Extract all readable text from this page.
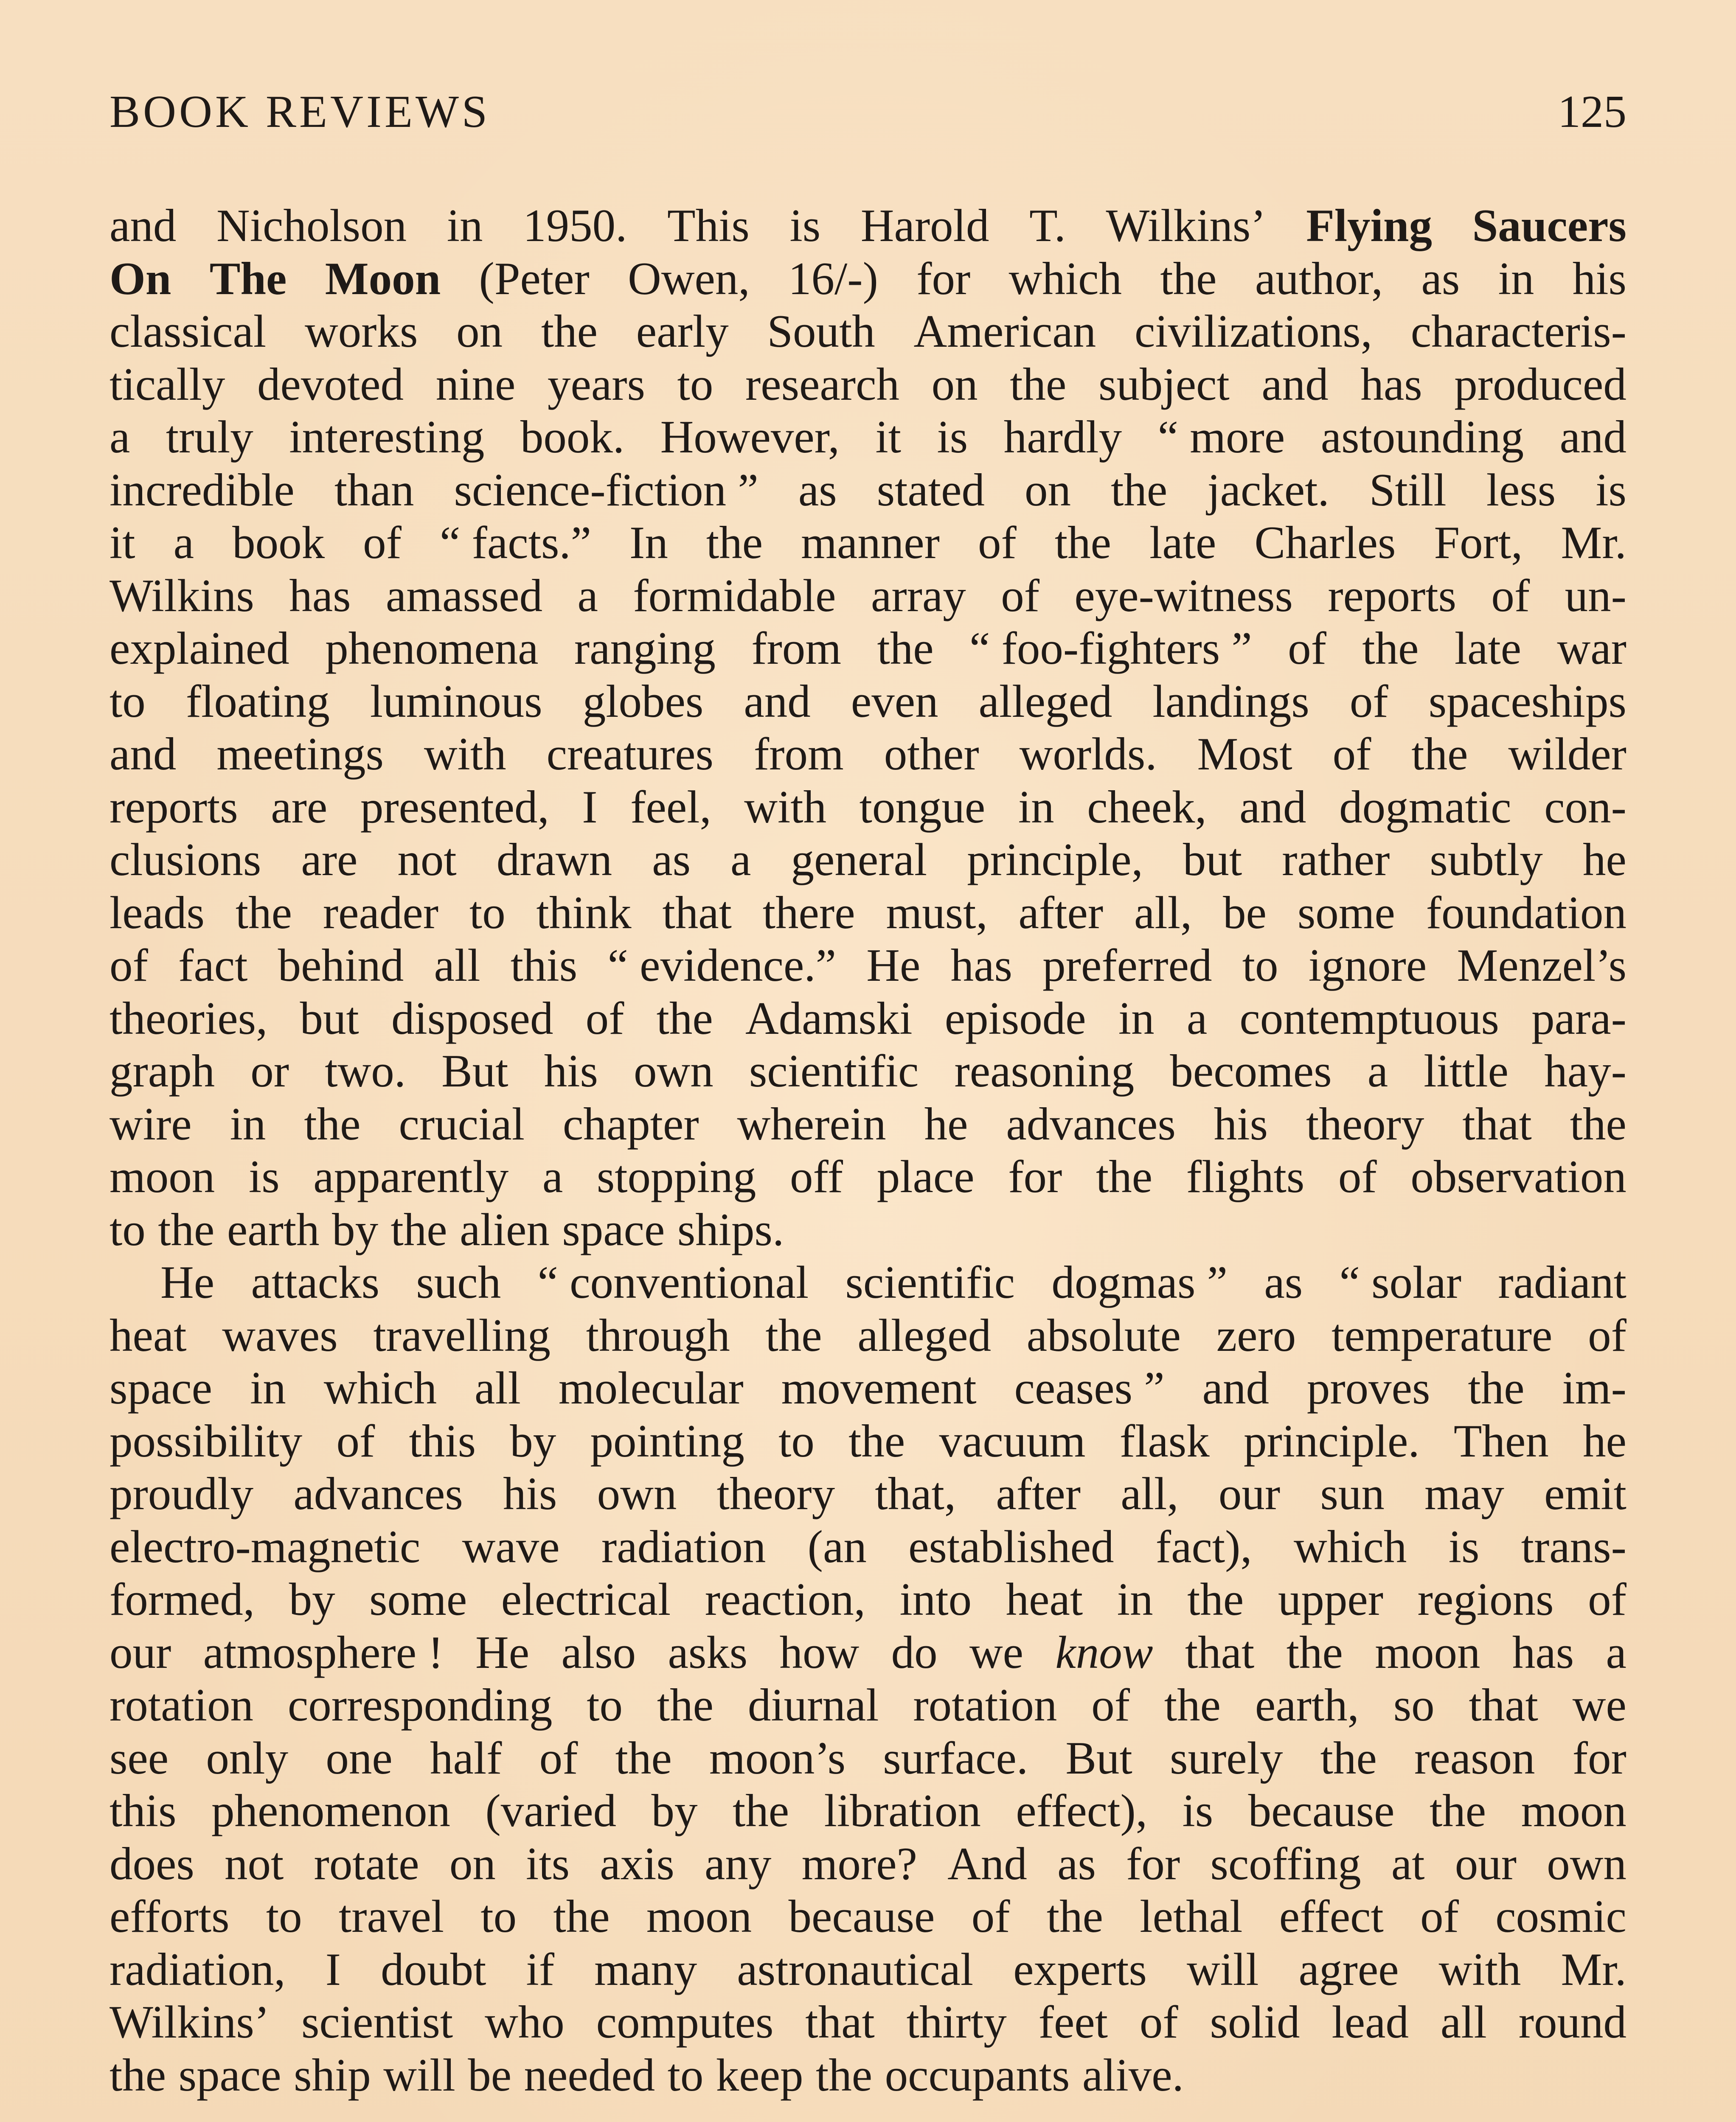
BOOK REVIEWS	125
and Nicholson in 1950. This is Harold T. Wilkins’ Flying Saucers
On The Moon (Peter Owen, 16/-) for which the author, as in his
classical works on the early South American civilizations, characteris-
tically devoted nine years to research on the subject and has produced
a truly interesting book. However, it is hardly “ more astounding and
incredible than science-fiction ” as stated on the jacket. Still less is
it a book of “ facts.” In the manner of the late Charles Fort, Mr.
Wilkins has amassed a formidable array of eye-witness reports of un-
explained phenomena ranging from the “ foo-fighters ” of the late war
to floating luminous globes and even alleged landings of spaceships
and meetings with creatures from other worlds. Most of the wilder
reports are presented, I feel, with tongue in cheek, and dogmatic con-
clusions are not drawn as a general principle, but rather subtly he
leads the reader to think that there must, after all, be some foundation
of fact behind all this “ evidence.” He has preferred to ignore Menzel’s
theories, but disposed of the Adamski episode in a contemptuous para-
graph or two. But his own scientific reasoning becomes a little hay-
wire in the crucial chapter wherein he advances his theory that the
moon is apparently a stopping off place for the flights of observation
to the earth by the alien space ships.
He attacks such “ conventional scientific dogmas ” as “ solar radiant
heat waves travelling through the alleged absolute zero temperature of
space in which all molecular movement ceases ” and proves the im-
possibility of this by pointing to the vacuum flask principle. Then he
proudly advances his own theory that, after all, our sun may emit
electro-magnetic wave radiation (an established fact), which is trans-
formed, by some electrical reaction, into heat in the upper regions of
our atmosphere ! He also asks how do we know that the moon has a
rotation corresponding to the diurnal rotation of the earth, so that we
see only one half of the moon’s surface. But surely the reason for
this phenomenon (varied by the libration effect), is because the moon
does not rotate on its axis any more? And as for scoffing at our own
efforts to travel to the moon because of the lethal effect of cosmic
radiation, I doubt if many astronautical experts will agree with Mr.
Wilkins’ scientist who computes that thirty feet of solid lead all round
the space ship will be needed to keep the occupants alive.
